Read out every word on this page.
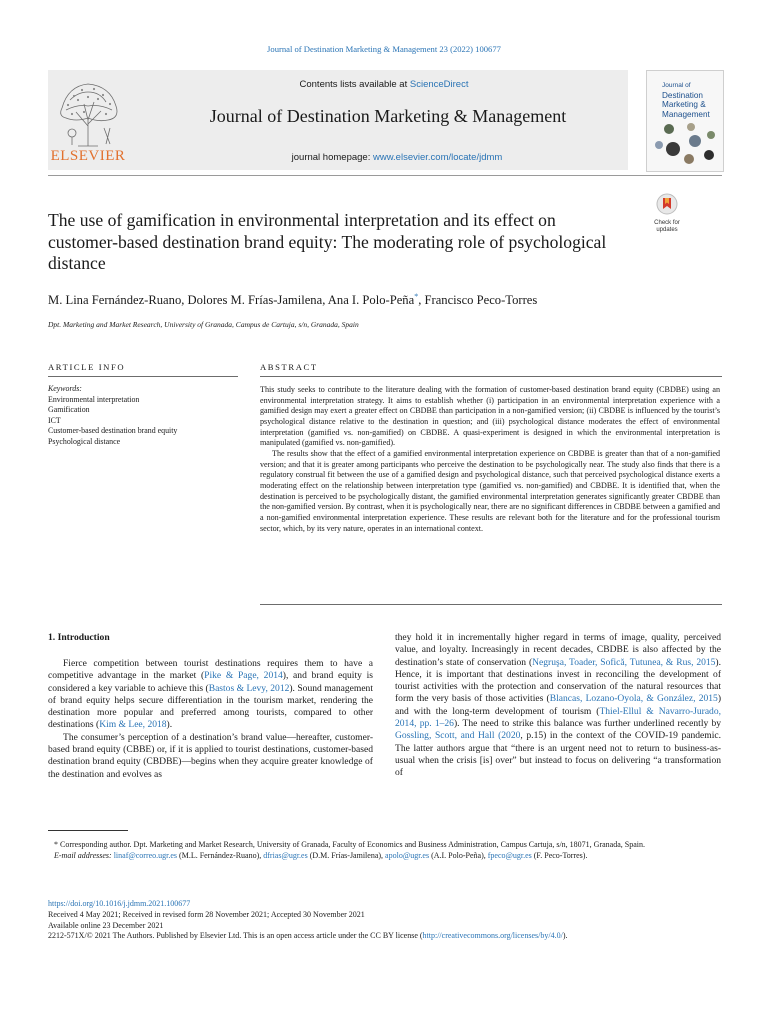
Journal of Destination Marketing & Management 23 (2022) 100677
ELSEVIER
Contents lists available at ScienceDirect
Journal of Destination Marketing & Management
journal homepage: www.elsevier.com/locate/jdmm
Journal of
Destination
Marketing &
Management
Check for
updates
The use of gamification in environmental interpretation and its effect on customer-based destination brand equity: The moderating role of psychological distance
M. Lina Fernández-Ruano, Dolores M. Frías-Jamilena, Ana I. Polo-Peña*, Francisco Peco-Torres
Dpt. Marketing and Market Research, University of Granada, Campus de Cartuja, s/n, Granada, Spain
ARTICLE INFO	ABSTRACT
Keywords:
Environmental interpretation
Gamification
ICT
Customer-based destination brand equity
Psychological distance

This study seeks to contribute to the literature dealing with the formation of customer-based destination brand equity (CBDBE) using an environmental interpretation strategy. It aims to establish whether (i) participation in an environmental interpretation experience with a gamified design may exert a greater effect on CBDBE than participation in a non-gamified version; (ii) CBDBE is influenced by the tourist’s psychological distance relative to the destination in question; and (iii) psychological distance moderates the effect of environmental interpretation (gamified vs. non-gamified) on CBDBE. A quasi-experiment is designed in which the environmental interpretation is manipulated (gamified vs. non-gamified).

The results show that the effect of a gamified environmental interpretation experience on CBDBE is greater than that of a non-gamified version; and that it is greater among participants who perceive the destination to be psychologically near. The study also finds that there is a regulatory construal fit between the use of a gamified design and psychological distance, such that perceived psychological distance exerts a moderating effect on the relationship between interpretation type (gamified vs. non-gamified) and CBDBE. It is identified that, when the destination is perceived to be psychologically distant, the gamified environmental interpretation generates significantly greater CBDBE than the non-gamified version. By contrast, when it is psychologically near, there are no significant differences in CBDBE between a gamified and a non-gamified environmental interpretation experience. These results are relevant both for the literature and for the professional tourism sector, which, by its very nature, operates in an international context.

1. Introduction

Fierce competition between tourist destinations requires them to have a competitive advantage in the market (Pike & Page, 2014), and brand equity is considered a key variable to achieve this (Bastos & Levy, 2012). Sound management of brand equity helps secure differentiation in the tourism market, rendering the destination more popular and preferred among tourists, compared to other destinations (Kim & Lee, 2018).

The consumer’s perception of a destination’s brand value—hereafter, customer-based brand equity (CBBE) or, if it is applied to tourist destinations, customer-based destination brand equity (CBDBE)—begins when they acquire greater knowledge of the destination and evolves as

they hold it in incrementally higher regard in terms of image, quality, perceived value, and loyalty. Increasingly in recent decades, CBDBE is also affected by the destination’s state of conservation (Negruşa, Toader, Sofică, Tutunea, & Rus, 2015). Hence, it is important that destinations invest in reconciling the development of tourist activities with the protection and conservation of the natural resources that form the very basis of those activities (Blancas, Lozano-Oyola, & González, 2015) and with the long-term development of tourism (Thiel-Ellul & Navarro-Jurado, 2014, pp. 1–26). The need to strike this balance was further underlined recently by Gossling, Scott, and Hall (2020, p.15) in the context of the COVID-19 pandemic. The latter authors argue that “there is an urgent need not to return to business-as-usual when the crisis [is] over” but instead to focus on delivering “a transformation of

* Corresponding author. Dpt. Marketing and Market Research, University of Granada, Faculty of Economics and Business Administration, Campus Cartuja, s/n, 18071, Granada, Spain.

E-mail addresses: linaf@correo.ugr.es (M.L. Fernández-Ruano), dfrias@ugr.es (D.M. Frías-Jamilena), apolo@ugr.es (A.I. Polo-Peña), fpeco@ugr.es (F. Peco-Torres).

https://doi.org/10.1016/j.jdmm.2021.100677

Received 4 May 2021; Received in revised form 28 November 2021; Accepted 30 November 2021

Available online 23 December 2021

2212-571X/© 2021 The Authors. Published by Elsevier Ltd. This is an open access article under the CC BY license (http://creativecommons.org/licenses/by/4.0/).
